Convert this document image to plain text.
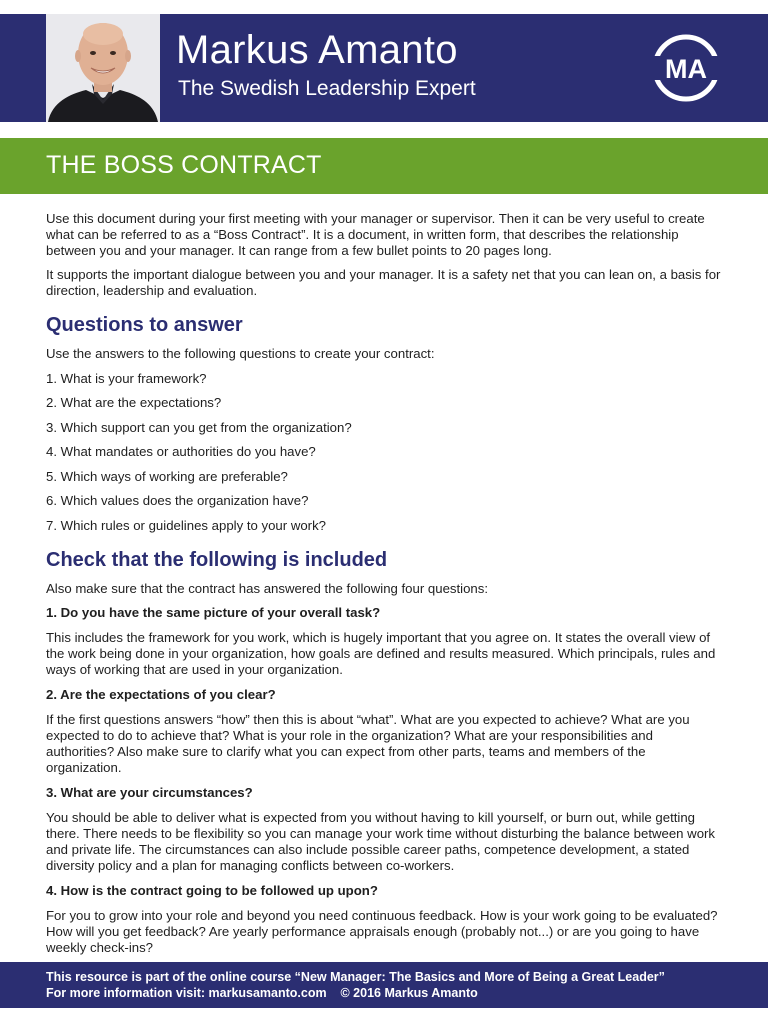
Markus Amanto
The Swedish Leadership Expert
MA
THE BOSS CONTRACT

Use this document during your first meeting with your manager or supervisor. Then it can be very useful to create what can be referred to as a “Boss Contract”. It is a document, in written form, that describes the relationship between you and your manager. It can range from a few bullet points to 20 pages long.

It supports the important dialogue between you and your manager. It is a safety net that you can lean on, a basis for direction, leadership and evaluation.

Questions to answer

Use the answers to the following questions to create your contract:

1. What is your framework?
2. What are the expectations?
3. Which support can you get from the organization?
4. What mandates or authorities do you have?
5. Which ways of working are preferable?
6. Which values does the organization have?
7. Which rules or guidelines apply to your work?
Check that the following is included

Also make sure that the contract has answered the following four questions:

1. Do you have the same picture of your overall task?

This includes the framework for you work, which is hugely important that you agree on. It states the overall view of the work being done in your organization, how goals are defined and results measured. Which principals, rules and ways of working that are used in your organization.

2. Are the expectations of you clear?

If the first questions answers “how” then this is about “what”. What are you expected to achieve? What are you expected to do to achieve that? What is your role in the organization? What are your responsibilities and authorities? Also make sure to clarify what you can expect from other parts, teams and members of the organization.

3. What are your circumstances?

You should be able to deliver what is expected from you without having to kill yourself, or burn out, while getting there. There needs to be flexibility so you can manage your work time without disturbing the balance between work and private life. The circumstances can also include possible career paths, competence development, a stated diversity policy and a plan for managing conflicts between co-workers.

4. How is the contract going to be followed up upon?

For you to grow into your role and beyond you need continuous feedback. How is your work going to be evaluated? How will you get feedback? Are yearly performance appraisals enough (probably not...) or are you going to have weekly check-ins?

This resource is part of the online course “New Manager: The Basics and More of Being a Great Leader”
For more information visit: markusamanto.com    © 2016 Markus Amanto
